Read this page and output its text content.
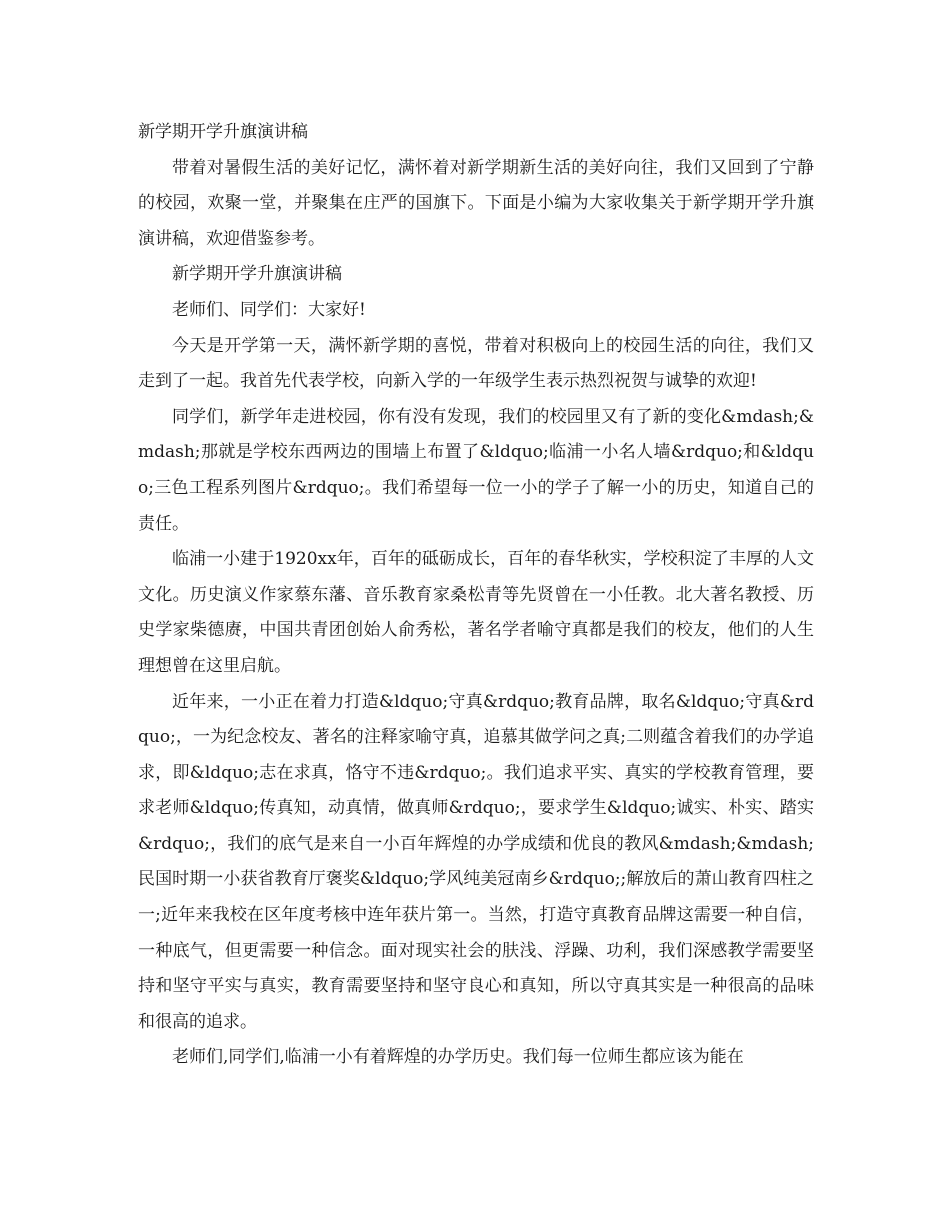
新学期开学升旗演讲稿

带着对暑假生活的美好记忆，满怀着对新学期新生活的美好向往，我们又回到了宁静的校园，欢聚一堂，并聚集在庄严的国旗下。下面是小编为大家收集关于新学期开学升旗演讲稿，欢迎借鉴参考。

新学期开学升旗演讲稿

老师们、同学们：大家好!

今天是开学第一天，满怀新学期的喜悦，带着对积极向上的校园生活的向往，我们又走到了一起。我首先代表学校，向新入学的一年级学生表示热烈祝贺与诚挚的欢迎!

同学们，新学年走进校园，你有没有发现，我们的校园里又有了新的变化&mdash;&mdash;那就是学校东西两边的围墙上布置了&ldquo;临浦一小名人墙&rdquo;和&ldquo;三色工程系列图片&rdquo;。我们希望每一位一小的学子了解一小的历史，知道自己的责任。

临浦一小建于1920xx年，百年的砥砺成长，百年的春华秋实，学校积淀了丰厚的人文文化。历史演义作家蔡东藩、音乐教育家桑松青等先贤曾在一小任教。北大著名教授、历史学家柴德赓，中国共青团创始人俞秀松，著名学者喻守真都是我们的校友，他们的人生理想曾在这里启航。

近年来，一小正在着力打造&ldquo;守真&rdquo;教育品牌，取名&ldquo;守真&rdquo;，一为纪念校友、著名的注释家喻守真，追慕其做学问之真;二则蕴含着我们的办学追求，即&ldquo;志在求真，恪守不违&rdquo;。我们追求平实、真实的学校教育管理，要求老师&ldquo;传真知，动真情，做真师&rdquo;，要求学生&ldquo;诚实、朴实、踏实&rdquo;，我们的底气是来自一小百年辉煌的办学成绩和优良的教风&mdash;&mdash;民国时期一小获省教育厅褒奖&ldquo;学风纯美冠南乡&rdquo;;解放后的萧山教育四柱之一;近年来我校在区年度考核中连年获片第一。当然，打造守真教育品牌这需要一种自信，一种底气，但更需要一种信念。面对现实社会的肤浅、浮躁、功利，我们深感教学需要坚持和坚守平实与真实，教育需要坚持和坚守良心和真知，所以守真其实是一种很高的品味和很高的追求。

老师们,同学们,临浦一小有着辉煌的办学历史。我们每一位师生都应该为能在
